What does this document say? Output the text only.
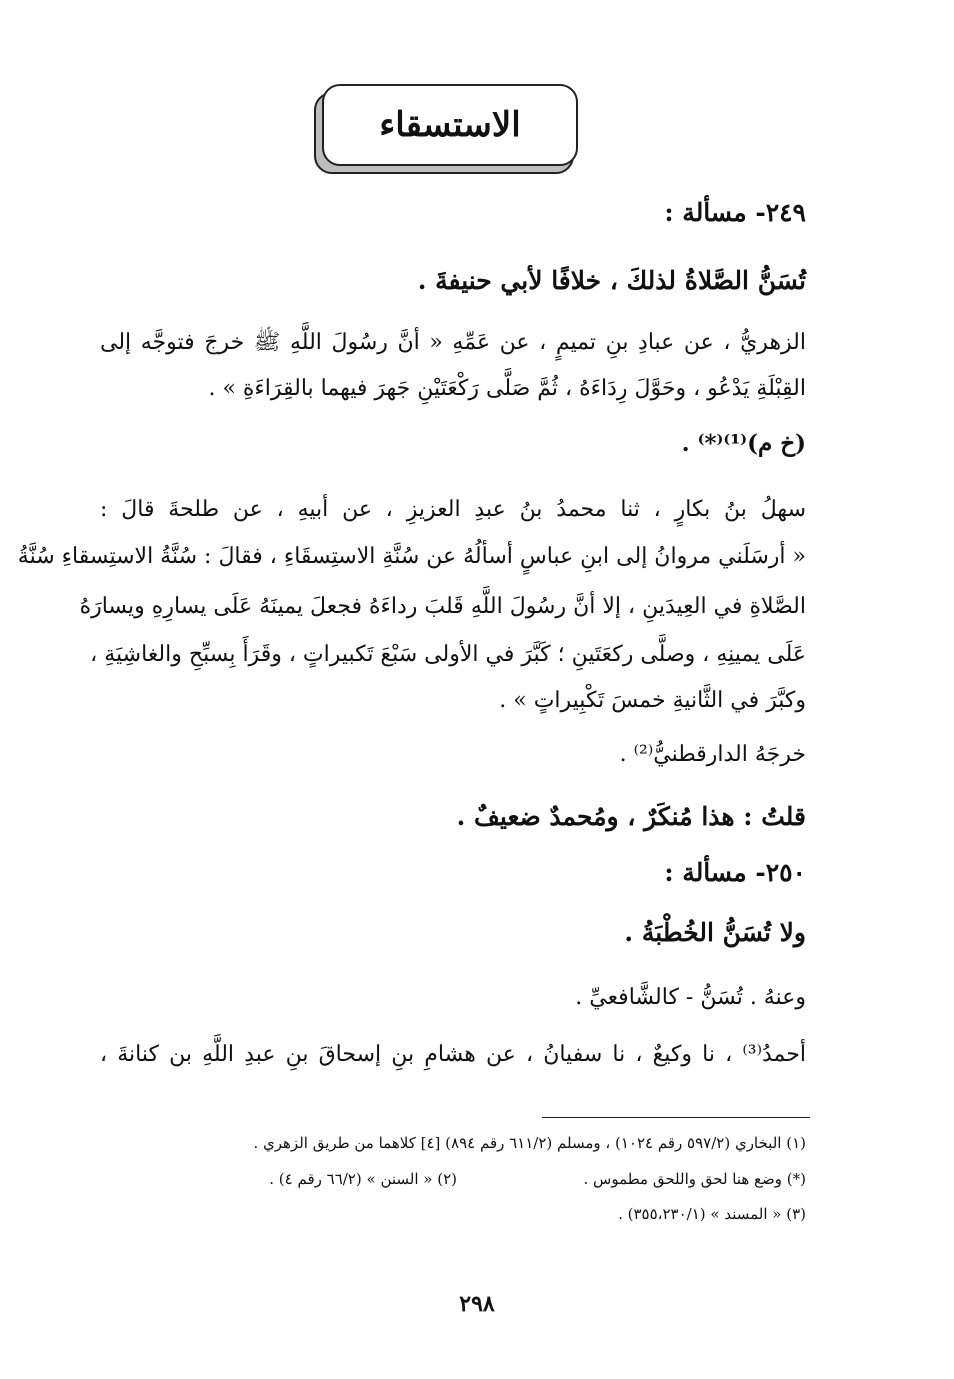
الاستسقاء
٢٤٩- مسألة :
تُسَنُّ الصَّلاةُ لذلكَ ، خلافًا لأبي حنيفةَ .
الزهريُّ ، عن عبادِ بنِ تميمٍ ، عن عَمِّهِ « أنَّ رسُولَ اللَّهِ ﷺ خرجَ فتوجَّه إلى
القِبْلَةِ يَدْعُو ، وحَوَّلَ رِدَاءَهُ ، ثُمَّ صَلَّى رَكْعَتَيْنِ جَهرَ فيهما بالقِرَاءَةِ » .
(خ م)⁽¹⁾⁽*⁾ .
سهلُ بنُ بكارٍ ، ثنا محمدُ بنُ عبدِ العزيزِ ، عن أبيهِ ، عن طلحةَ قالَ :
« أرسَلَني مروانُ إلى ابنِ عباسٍ أسألُهُ عن سُنَّةِ الاستِسقَاءِ ، فقالَ : سُنَّةُ الاستِسقاءِ سُنَّةُ
الصَّلاةِ في العِيدَينِ ، إلا أنَّ رسُولَ اللَّهِ قَلبَ رداءَهُ فجعلَ يمينَهُ عَلَى يسارِهِ ويسارَهُ
عَلَى يمينِهِ ، وصلَّى ركعَتَينِ ؛ كَبَّرَ في الأولى سَبْعَ تَكبيراتٍ ، وقَرَأَ بِسبِّحِ والغاشِيَةِ ،
وكبَّرَ في الثَّانيةِ خمسَ تَكْبِيراتٍ » .
خرجَهُ الدارقطنيُّ⁽²⁾ .
قلتُ : هذا مُنكَرٌ ، ومُحمدٌ ضعيفٌ .
٢٥٠- مسألة :
ولا تُسَنُّ الخُطْبَةُ .
وعنهُ . تُسَنُّ - كالشَّافعيِّ .
أحمدُ⁽³⁾ ، نا وكيعٌ ، نا سفيانُ ، عن هشامِ بنِ إسحاقَ بنِ عبدِ اللَّهِ بن كنانةَ ،
(١) البخاري (٥٩٧/٢ رقم ١٠٢٤) ، ومسلم (٦١١/٢ رقم ٨٩٤) [٤] كلاهما من طريق الزهري .
(*) وضع هنا لحق واللحق مطموس .
(٢) « السنن » (٦٦/٢ رقم ٤) .
(٣) « المسند » (٣٥٥،٢٣٠/١) .
٢٩٨
